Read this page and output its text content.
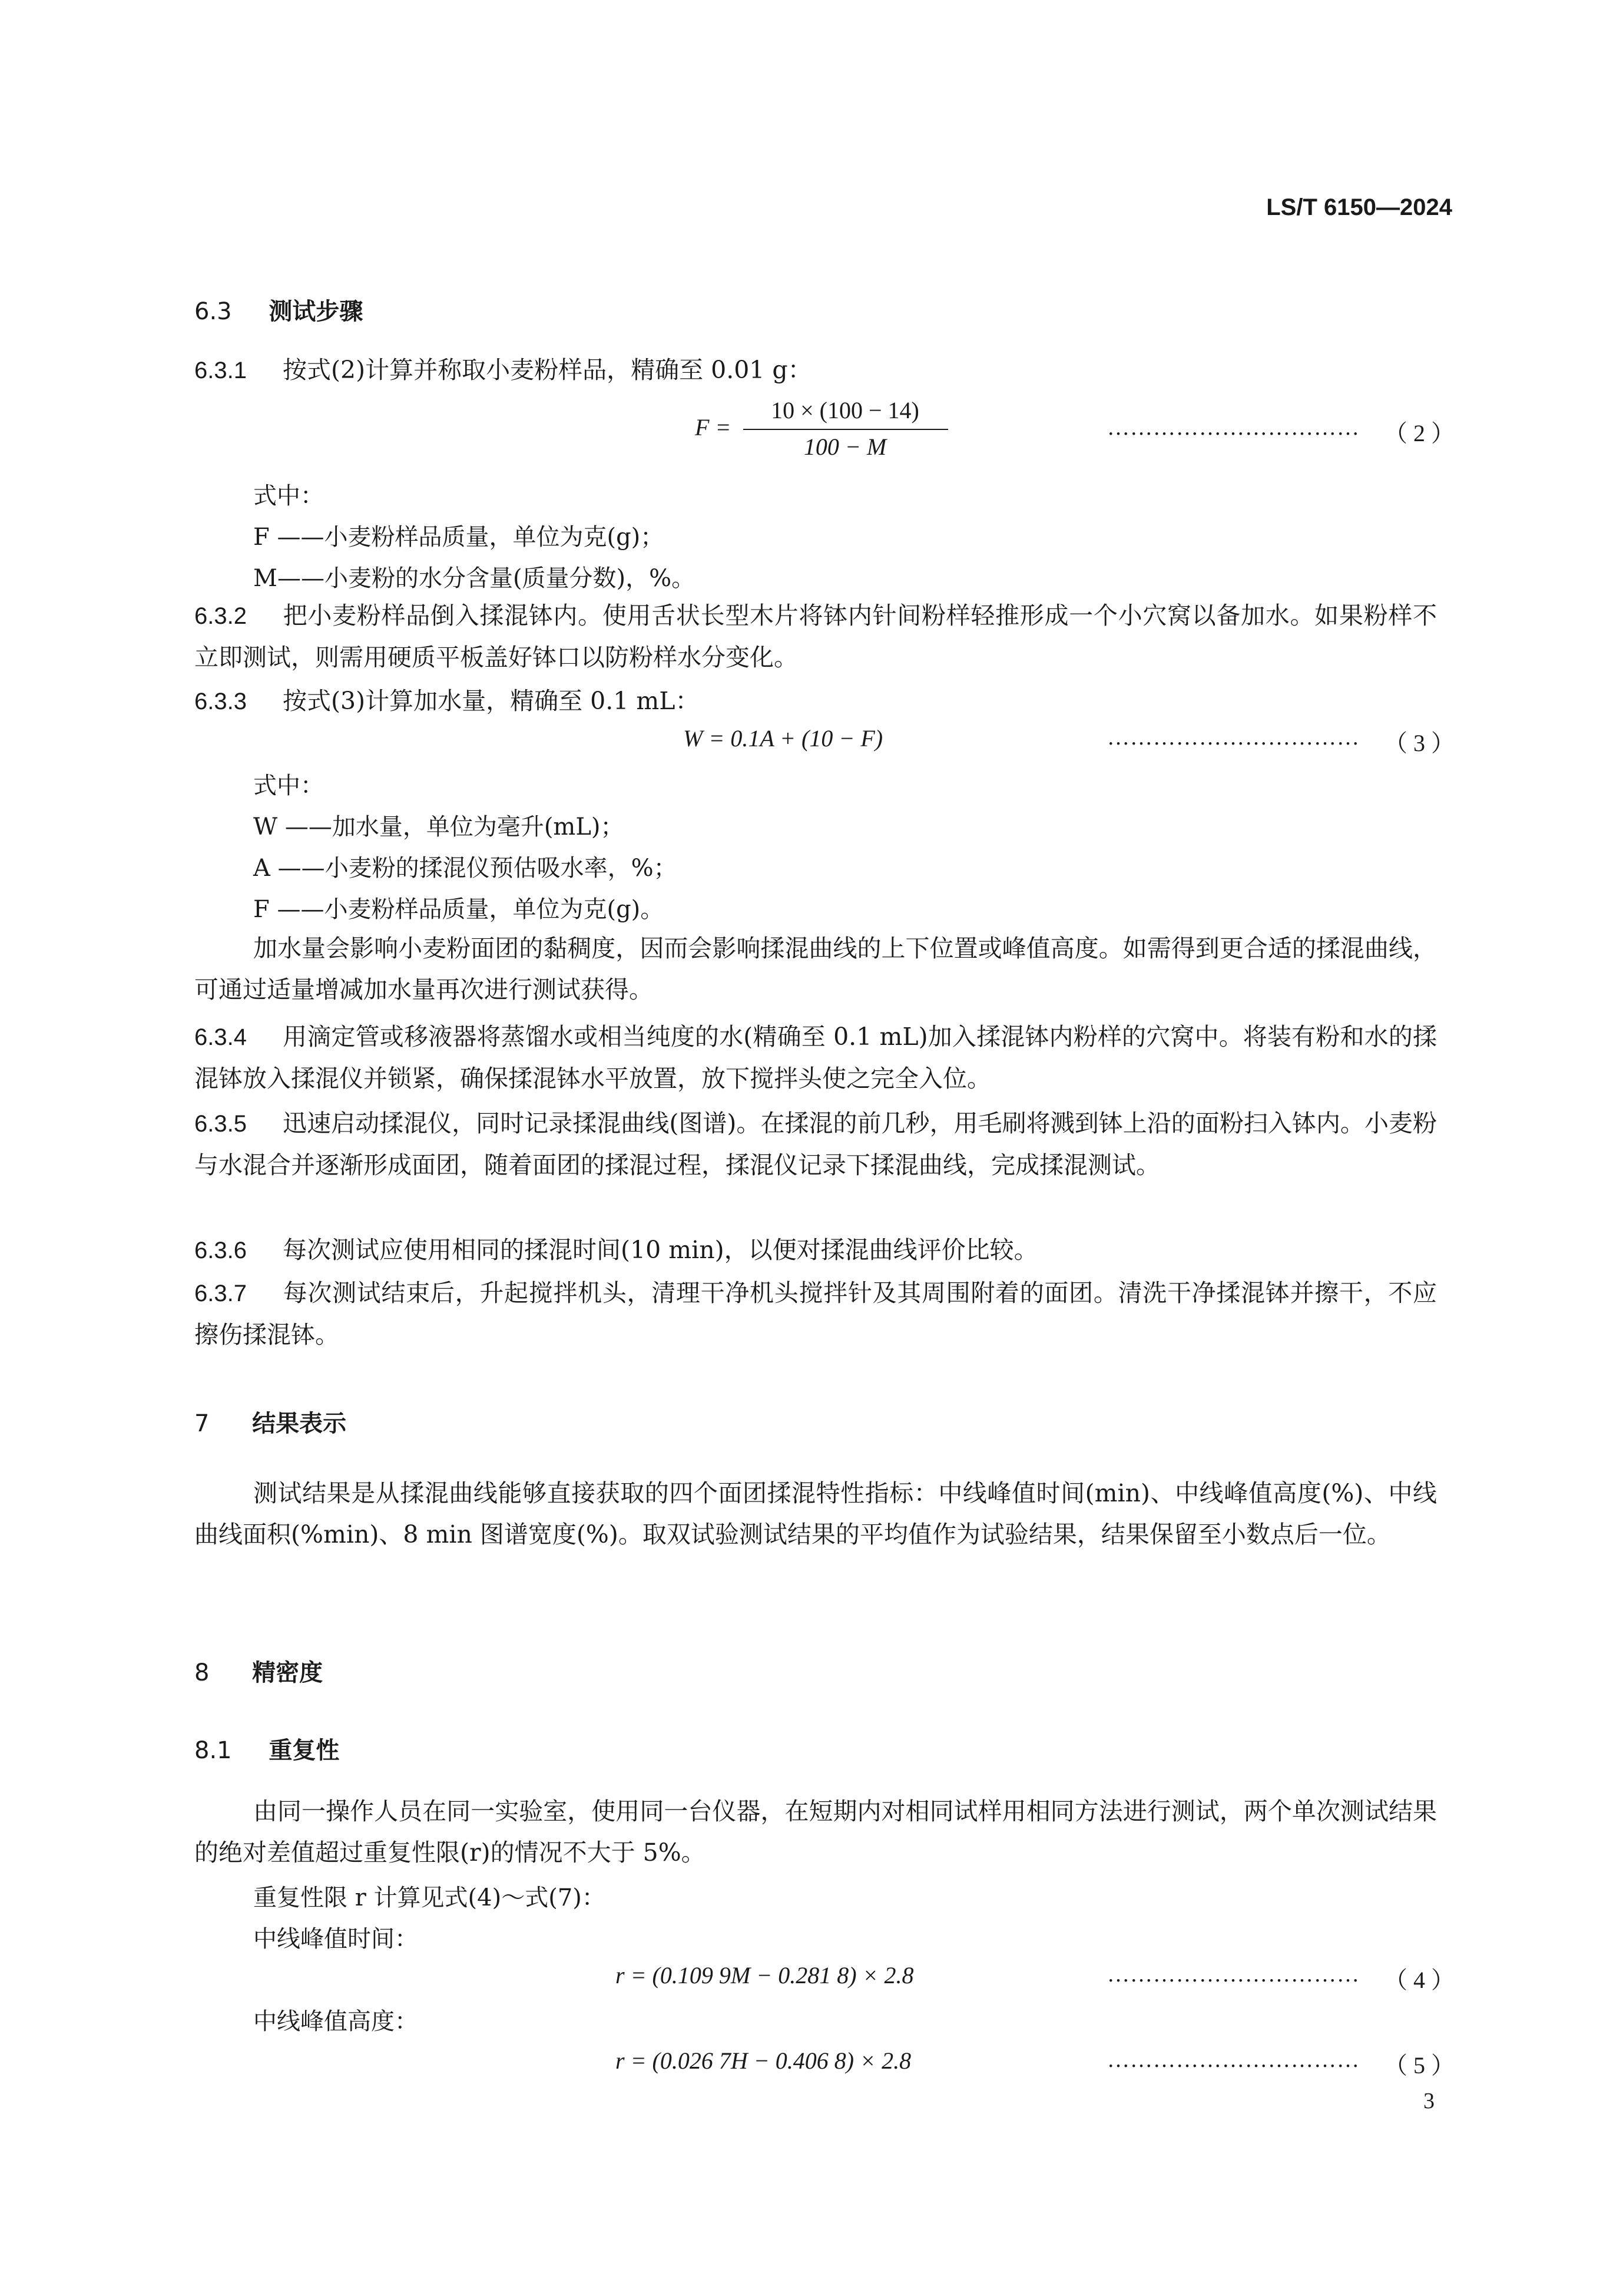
LS/T 6150—2024
6.3 测试步骤
6.3.1 按式(2)计算并称取小麦粉样品，精确至 0.01 g：
F =
10 × (100 − 14)
100 − M
…………………………… （ 2 ）
式中：
F ——小麦粉样品质量，单位为克(g)；
M——小麦粉的水分含量(质量分数)，%。
6.3.2 把小麦粉样品倒入揉混钵内。使用舌状长型木片将钵内针间粉样轻推形成一个小穴窝以备加水。如果粉样不立即测试，则需用硬质平板盖好钵口以防粉样水分变化。
6.3.3 按式(3)计算加水量，精确至 0.1 mL：
W = 0.1A + (10 − F)	…………………………… （ 3 ）
式中：
W ——加水量，单位为毫升(mL)；
A ——小麦粉的揉混仪预估吸水率，%；
F ——小麦粉样品质量，单位为克(g)。
加水量会影响小麦粉面团的黏稠度，因而会影响揉混曲线的上下位置或峰值高度。如需得到更合适的揉混曲线，可通过适量增减加水量再次进行测试获得。
6.3.4 用滴定管或移液器将蒸馏水或相当纯度的水(精确至 0.1 mL)加入揉混钵内粉样的穴窝中。将装有粉和水的揉混钵放入揉混仪并锁紧，确保揉混钵水平放置，放下搅拌头使之完全入位。
6.3.5 迅速启动揉混仪，同时记录揉混曲线(图谱)。在揉混的前几秒，用毛刷将溅到钵上沿的面粉扫入钵内。小麦粉与水混合并逐渐形成面团，随着面团的揉混过程，揉混仪记录下揉混曲线，完成揉混测试。
6.3.6 每次测试应使用相同的揉混时间(10 min)，以便对揉混曲线评价比较。
6.3.7 每次测试结束后，升起搅拌机头，清理干净机头搅拌针及其周围附着的面团。清洗干净揉混钵并擦干，不应擦伤揉混钵。
7 结果表示
测试结果是从揉混曲线能够直接获取的四个面团揉混特性指标：中线峰值时间(min)、中线峰值高度(%)、中线曲线面积(%min)、8 min 图谱宽度(%)。取双试验测试结果的平均值作为试验结果，结果保留至小数点后一位。
8 精密度
8.1 重复性
由同一操作人员在同一实验室，使用同一台仪器，在短期内对相同试样用相同方法进行测试，两个单次测试结果的绝对差值超过重复性限(r)的情况不大于 5%。
重复性限 r 计算见式(4)～式(7)：
中线峰值时间：
r = (0.109 9M − 0.281 8) × 2.8	…………………………… （ 4 ）
中线峰值高度：
r = (0.026 7H − 0.406 8) × 2.8	…………………………… （ 5 ）
3
